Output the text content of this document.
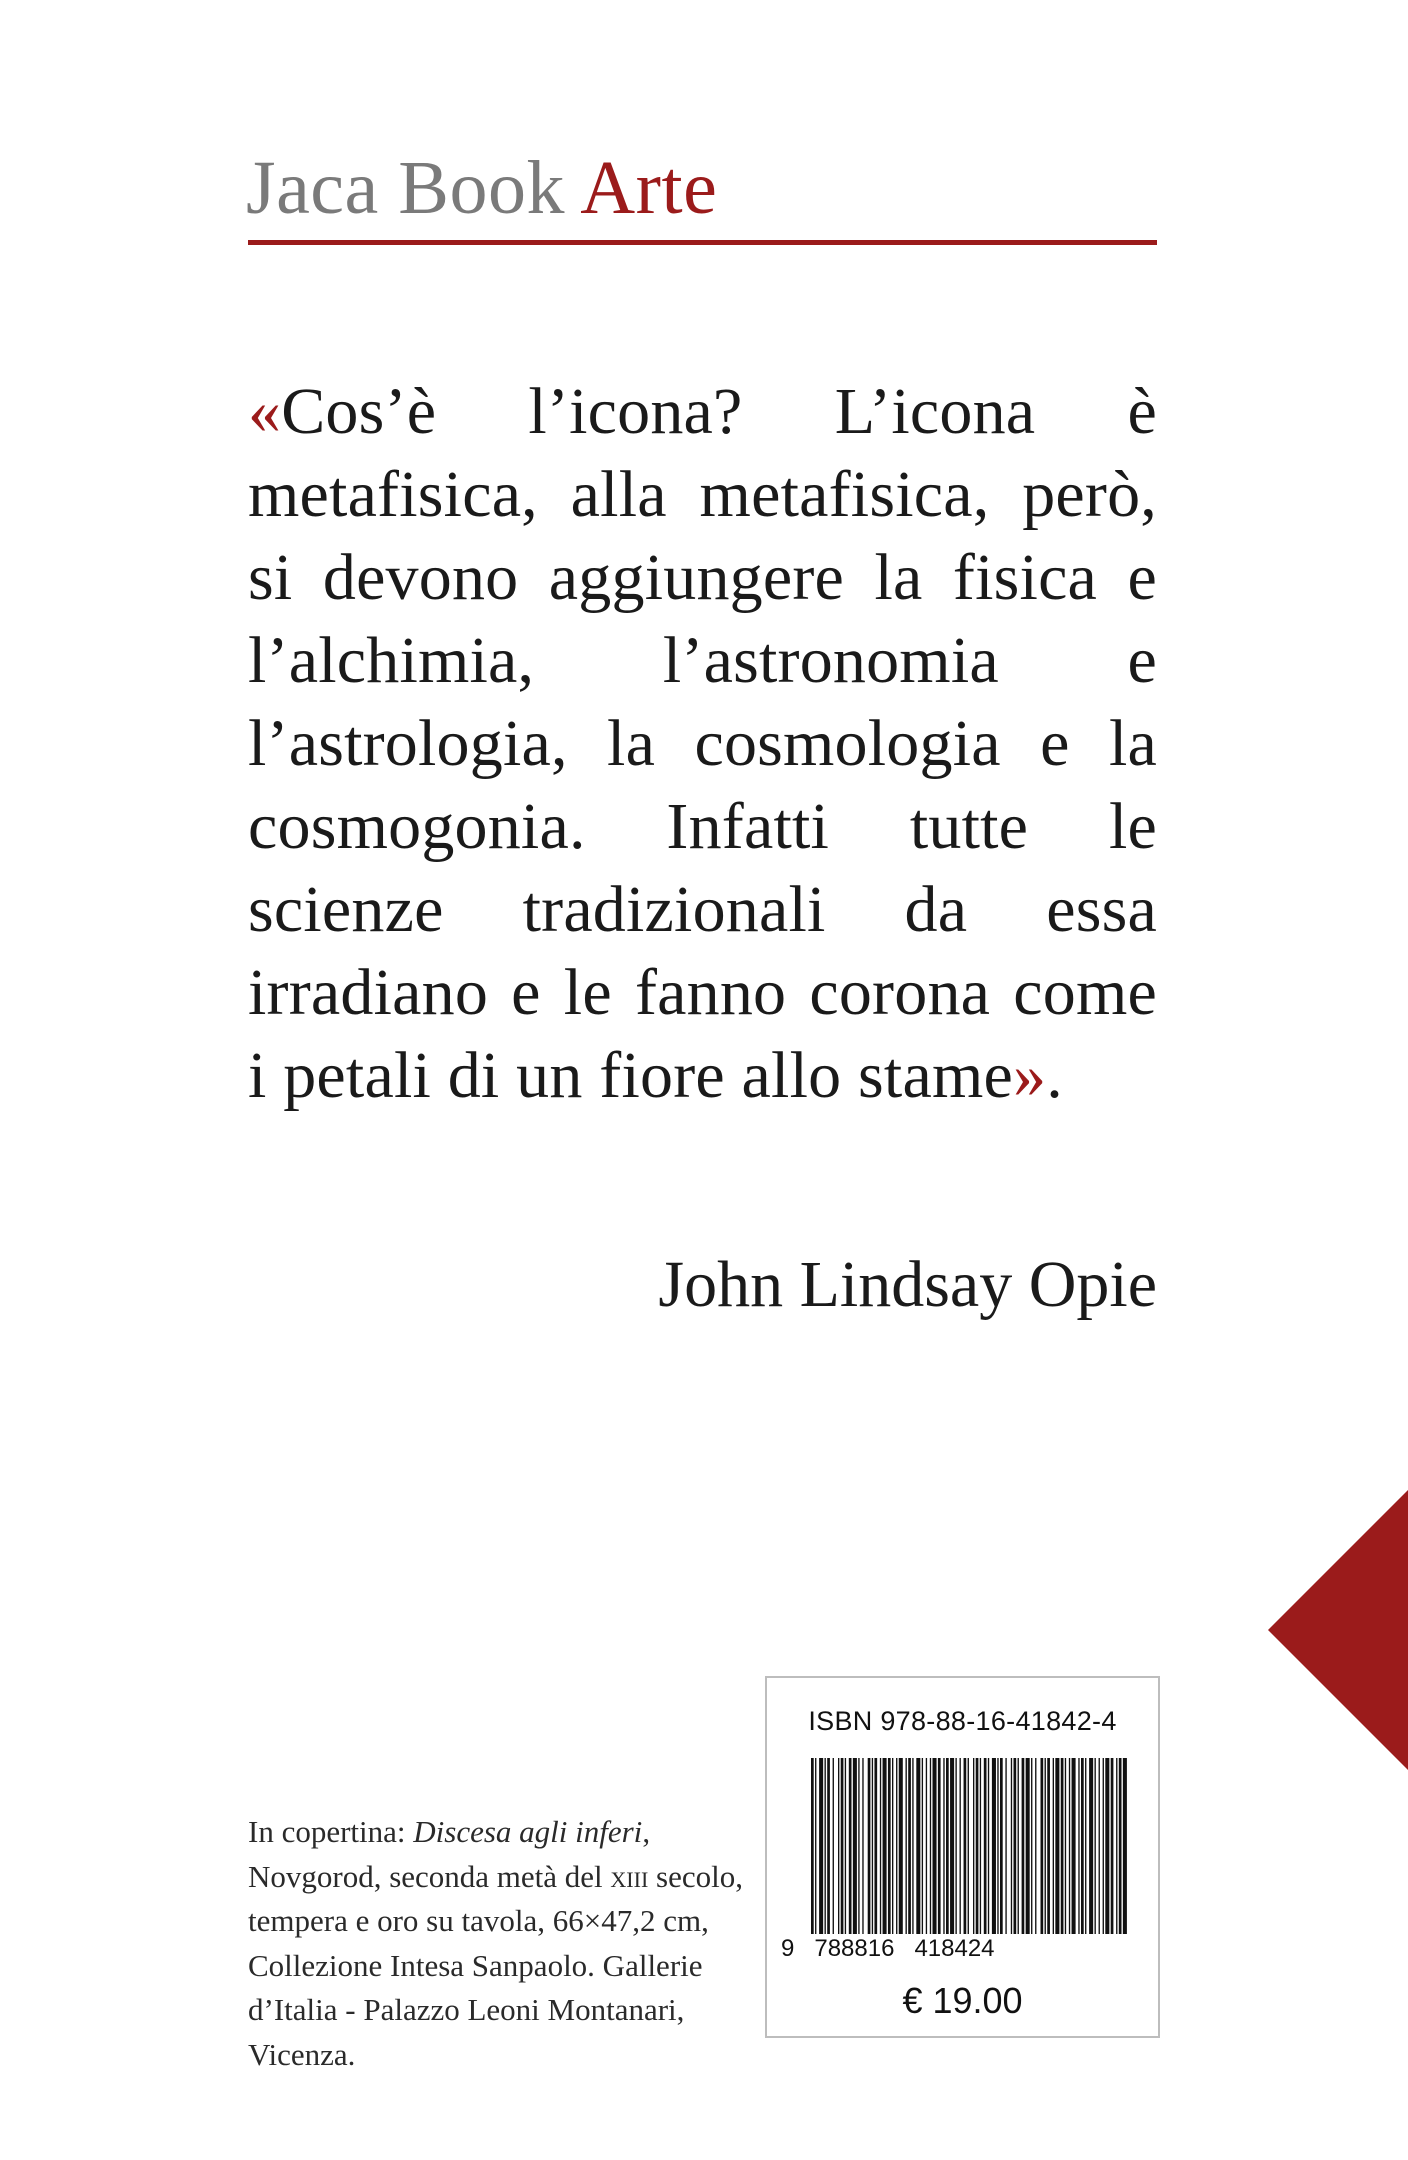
Jaca Book Arte
«Cos’è l’icona? L’icona è metafisica, alla metafisica, però, si devono aggiungere la fisica e l’alchimia, l’astronomia e l’astrologia, la cosmologia e la cosmogonia. Infatti tutte le scienze tradizionali da essa irradiano e le fanno corona come i petali di un fiore allo stame».
John Lindsay Opie
In copertina: Discesa agli inferi, Novgorod, seconda metà del xiii secolo, tempera e oro su tavola, 66×47,2 cm, Collezione Intesa Sanpaolo. Gallerie d’Italia - Palazzo Leoni Montanari, Vicenza.
ISBN 978-88-16-41842-4
9   788816   418424
€ 19.00
